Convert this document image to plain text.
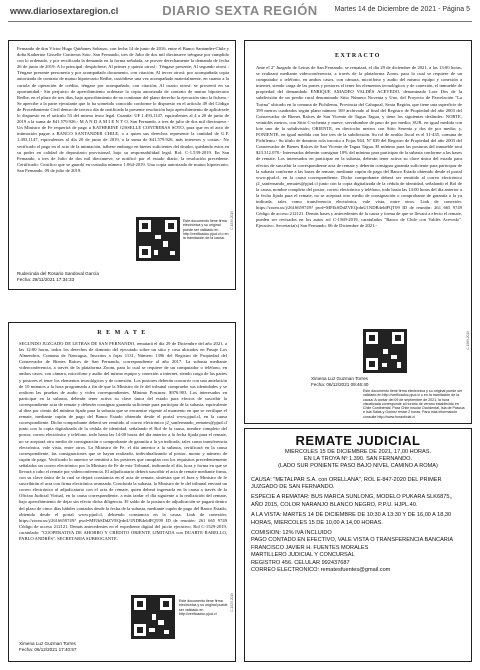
www.diariosextaregion.cl	DIARIO SEXTA REGIÓN	Martes 14 de Diciembre de 2021 - Página 5

Fernando de don Víctor Hugo Quiñones Sobarzo, con fecha 14 de junio de 2016, entre el Banco Santander-Chile y doña Katherine Gisselle Contreras Soto. San Fernando, tres de Julio de dos mil diecinueve tréngase por cumplido con lo ordenado, y por rectificada la demanda en la forma señalada, se provee derechamente la demanda de fecha 26 de junio de 2019: A lo principal: despáchese; Al primer y quinto otrosí : Téngase presente; Al segundo otrosí : Téngase presente personería y por acompañado documento, con citación; Al tercer otrosí: por acompañada copia autorizada de contrato de mutuo hipotecario Redbe, custódiese una vez acompañado materialmente, en cuanto a la cartola de operación de crédito, téngase por acompañado, con citación; Al cuarto otrosí: se proveerá en su oportunidad.- Sin perjuicio de apercibimiento ordenase la copia autorizada de contrato de mutuo hipotecario Redbe, en el plazo de tres días, bajo apercibimiento de no continuar del plano derecho la ejecución sino la fichero.- Se apercibe a la parte ejecutante que lo ha sometido conocido conforme lo dispuesto en el artículo 49 del Código de Procedimiento Civil dentro de tercero día de notificada la presente resolución bajo apercibimiento de aplicársele lo dispuesto en el artículo 53 del mismo texto legal. Cuantía: UF 1.493,1147, equivalentes al 4 a 20 de junio de 2019 a la suma de $41.579.926.- M A N D A M I E N T O, San Fernando, a tres de julio de dos mil diecinueve.- Un Ministro de Fe requerirá de pago a KATHERINE GISSELLE CONTRERAS SOTO, para que en el acto de intimación pague a BANCO SANTANDER CHILE, o a quien sus derechos represente la cantidad de U.F. 1.493,1147, equivalentes al día 20 de junio de 2019, a la suma de $41.579.926, más intereses y costas.- No verificado el pago en el acto de la intimación, trábese embargo en bienes suficientes del deudor, quedando estos en su poder en calidad de depositario provisional, bajo su responsabilidad legal. Rol: C-1.539-2019. En San Fernando, a tres de Julio de dos mil diecinueve, se notificó por el estado diario, la resolución precedente. Certificado: Certifico que se guardó en custodia número 1.064-2019. Una copia autorizada de mutuo hipotecario. San Fernando, 09 de julio de 2019.

Este documento tiene firma electrónica y su original puede ser validado en http://verificadoc.pjud.cl o en la tramitación de la causa.
Rudecinda del Rosario Sandoval García
Fecha: 28/11/2021 17:34:33
C-1539-2019

EXTRACTO

Ante el 2º Juzgado de Letras de San Fernando, se rematará, el día 29 de diciembre de 2021, a las 13:00 horas, se realizará mediante videoconferencia, a través de la plataforma Zoom, para lo cual se requiere de un computador o teléfono, en ambos casos, con cámara, micrófono y audio del mismo equipo y conexión a internet, siendo carga de las partes y postores el tener los elementos tecnológicos y de conexión, el inmueble de propiedad del demandado ENRIQUE AMADEO VALDÉS ACEVEDO, denominado Lote Dos de la subdivisión de un predio rural denominado Sitio Número Noventa y Uno, del Proyecto de Parcelación "La Torina" ubicado en la comuna de Pichilemu, Provincia del Cahapoal, Sexta Región, que tiene una superficie de 399 metros cuadrados según plano número 169 archivado al final del Registro de Propiedad del año 2003 del Conservador de Bienes Raíces de San Vicente de Tagua Tagua, y tiene los siguientes deslindes: NORTE, veintidós metros, con Sitio C-ochenta y nueve, servidumbre de paso de por medio; SUR, en igual medida con lote uno de la subdivisión; ORIENTE, en dieciocho metros con Sitio Sesenta y dos de por medio; y, PONIENTE, en igual medida con lote tres de la subdivisión. Su rol de avalúo fiscal es el 31-435, comuna de Pichilemu.- Su título de dominio rola inscrito a Fojas 944, Nº 839 del Registro de Propiedad del año 2003 del Conservador de Bienes Raíces de San Vicente de Tagua Tagua. El mínimo para las posturas del inmueble será $23.312.078.- Interesados deberán consignar 10% del mínimo para participar de la subasta conforme a las bases de remate. Los interesados en participar en la subasta, deberán tener activa su clave única del estado para efectos de suscribir la correspondiente acta de remate y deberán consignar garantía suficiente para participar de la subasta conforme a las bases de remate, mediante cupón de pago del Banco Estado obtenido desde el portal www.pjud.cl, en la causa correspondiente. Dicho comprobante deberá ser remitido al correo electrónico j2_sanfernando_remates@pjud.cl junto con la copia digitalizada de la cédula de identidad, señalando el Rol de la causa, nombre completo del postor, correo electrónico y teléfono, todo hasta las 14:00 horas del día anterior a la fecha fijada para el remate, no se aceptará otro medio de consignación o comprobante de garantía a la ya indicada, tales como transferencia electrónica, vale vista, entre otros. Link de conexión: https://zoom.us/j/2616659749? pwd=MFJkSDdZVEQrdnU1NDB4eldFQT09 ID de reunión: 261 665 9749 Código de acceso 212121. Demás bases y antecedentes de la causa y forma de que se llevará a efecto el remate, pueden ser revisados en los autos rol C-1569-2019, caratulados "Banco de Chile con Valdés Acevedo". Ejecutivo. Secretaría(s) San Fernando, 06 de Diciembre de 2021.-

Ximena Luz Guzman Torres
Fecha: 06/12/2021 09:46:40
Este documento tiene firma electrónica y su original puede ser validado en http://verificadoc.pjud.cl o en la tramitación de la causa. A contar del 09 de septiembre de 2021, la hora visualizada corresponde al horario de verano establecido en Chile Continental. Para Chile Insular Occidental, Isla de Pascua e Isla Salas y Gómez restar 2 horas. Para más información consulte http://www.horaoficial.cl
C-1569-2019

R E M A T E

SEGUNDO JUZGADO DE LETRAS DE SAN FERNANDO, rematará el día 29 de Diciembre del año 2021, a las 12:00 horas, todos los derechos de dominio del ejecutado sobre un sitio y casa ubicados en Pasaje Los Almendros, Comuna de Nancagua, Inscritos a fojas 1131, Número 1396 del Registro de Propiedad del Conservador de Bienes Raíces de San Fernando, correspondiente al año 2017. La subasta mediante videoconferencia, a través de la plataforma Zoom, para lo cual se requiere de un computador o teléfono, en ambos casos, con cámara, micrófono y audio del mismo equipo y conexión a internet, siendo carga de las partes y postores el tener los elementos tecnológicos y de conexión. Los postores deberán concurrir con una antelación de 10 minutos a la hora programada a fin de que la Ministro de fe del tribunal compruebe sus identidades y se realicen las pruebas de audio y video correspondientes. Mínimo Posturas: $976.903. Los interesados en participar en la subasta, deberán tener activa su clave única del estado para efectos de suscribir la correspondiente acta de remate y deberán consignar garantía suficiente para participar de la subasta, equivalente al diez por ciento del mínimo fijado para la subasta que se encuentre vigente al momento en que se verifique el remate, mediante cupón de pago del Banco Estado obtenido desde el portal www.pjud.cl, en la causa correspondiente. Dicho comprobante deberá ser remitido al correo electrónico j2_sanfernando_remates@pjud.cl junto con la copia digitalizada de la cédula de identidad, señalando el Rol de la causa, nombre completo del postor, correo electrónico y teléfono, todo hasta las 14:00 horas del día anterior a la fecha fijada para el remate, no se aceptará otro medio de consignación o comprobante de garantía a la ya indicada, tales como transferencia electrónica, vale vista, entre otros. La Ministro de Fe, el día anterior a la subasta, certificará en la causa correspondiente, las consignaciones que se hayan realizado, individualizando al postor, monto y número de cupón de pago. Verificado lo anterior se remitirá a los postores que cumplan con los requisitos precedentemente señalados un correo electrónico por la Ministro de Fe de este Tribunal, indicando el día, hora y forma en que se llevará a cabo el remate por videoconferencia. El adjudicatario deberá suscribir el acta de remate mediante firma, con su clave única de la cual se dejará constancia en el acta de remate, siniestra que el Juez y Ministro de fe suscribirán el acta con firma electrónica avanzada. Concluida la subasta, la Ministro de fe del tribunal enviará un correo electrónico al adjudicatario con el acta de remate, quien deberá ingresarla en la causa a través de la Oficina Judicial Virtual, en la causa correspondiente, a más tardar el día siguiente a la realización del remate, bajo apercibimiento de dejar sin efecto dicha diligencia. El saldo de la postura de adjudicación se pagará dentro del plazo de cinco días hábiles contados desde la fecha de la subasta, mediante cupón de pago del Banco Estado, obtenido desde el portal www.pjud.cl, debiendo constancia en la causa. Link de conexión: https://zoom.us/j/2616659749? pwd=MFJkSDdZVEQrdnU1NDB4eldFQT09 ID de reunión: 261 665 9749 Código de acceso 212121. Demás antecedentes en el expediente digital del juicio ejecutivo, Rol C-1529-2019, caratulado: "COOPERATIVA DE AHORRO Y CRÉDITO ORIENTE LIMITADA con DUARTE RABELLO, PABLO ANDRÉS". SECRETARIA SUBROGANTE.

Este documento tiene firma electrónica y su original puede ser validado en http://verificadoc.pjud.cl
Ximena Luz Guzman Torres
Fecha: 06/12/2021 17:40:57
C-1529-2019

REMATE JUDICIAL

MIERCOLES 15 DE DICIEMBRE DE 2021, 17,00 HORAS.

EN LA TROYA Nº 1.390. SAN FERNANDO.

(LADO SUR PONIENTE PASO BAJO NIVEL CAMINO A ROMA)

CAUSA: "METALPAR S.A. con ORELLANA", ROL E-847-2020 DEL PRIMER JUZGADO DE SAN FERNANDO.

ESPECIE A REMATAR: BUS MARCA SUNLONG, MODELO PUKARA SLK6875,, AÑO 2015, COLOR NARANJO BLANCO NEGRO, P.P.U. HJPL.40.

A LA VISTA: MARTES 14 DE DICIEMBRE DE 10:30 A 13:30 Y DE 16,00 A 18,30 HORAS, MIERCOLES 15 DE 10,00 A 14,00 HORAS.

COMISION: 12% IVA INCLUIDO

PAGO CONTADO EN EFECTIVO, VALE VISTA O TRANSFERENCIA BANCARIA

FRANCISCO JAVIER H. FUENTES MORALES

MARTILLERO JUDICIAL Y CONCURSAL

REGISTRO 456. CELULAR 992437687

CORREO ELECTRONICO: rematesfuentes@gmail.com
